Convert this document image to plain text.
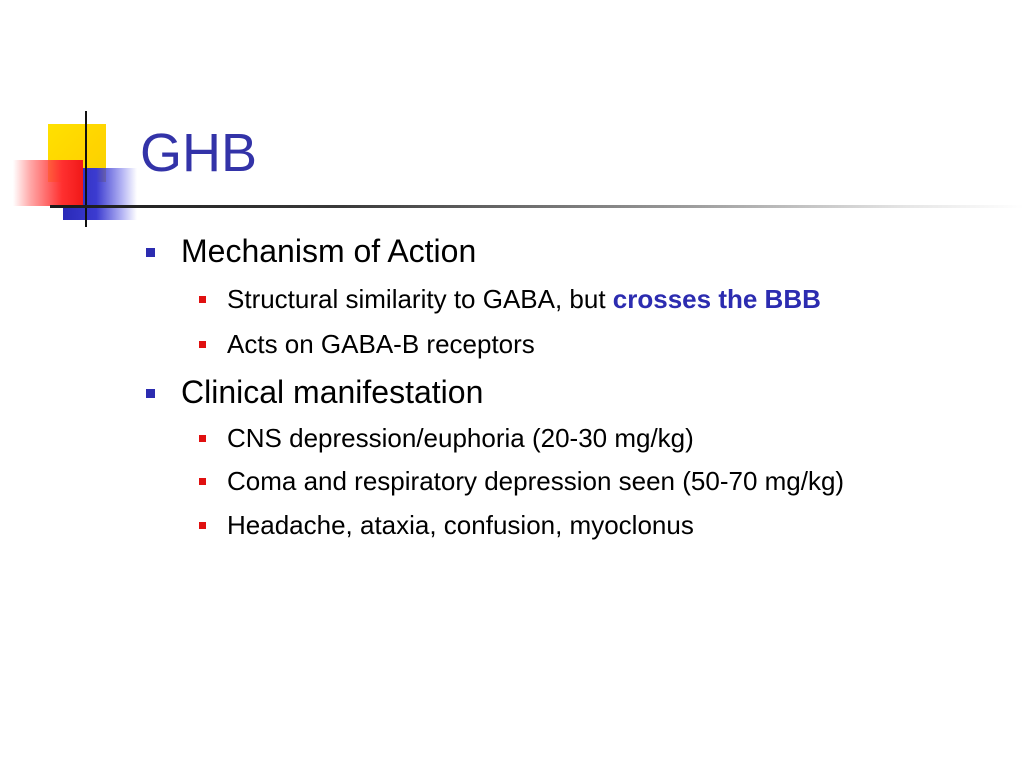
GHB
Mechanism of Action
Structural similarity to GABA, but crosses the BBB
Acts on GABA-B receptors
Clinical manifestation
CNS depression/euphoria (20-30 mg/kg)
Coma and respiratory depression seen (50-70 mg/kg)
Headache, ataxia, confusion, myoclonus
